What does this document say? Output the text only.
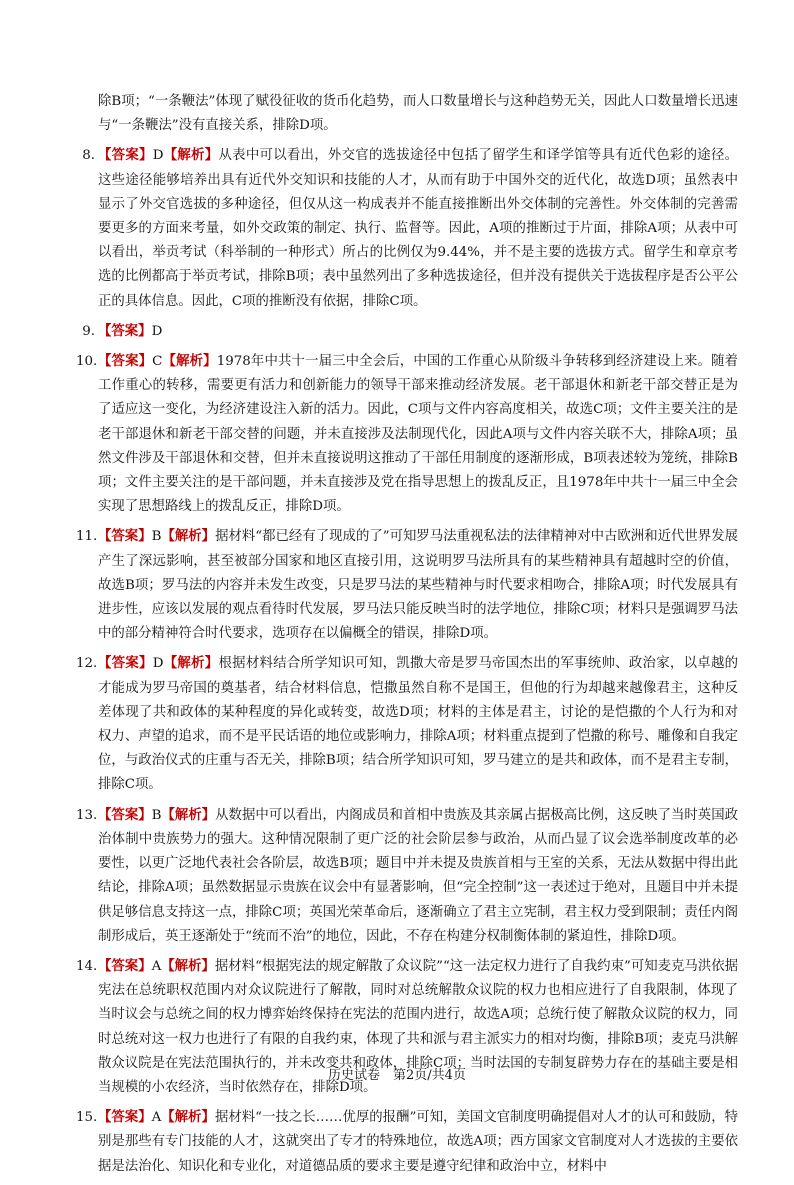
除B项；“一条鞭法”体现了赋役征收的货币化趋势，而人口数量增长与这种趋势无关，因此人口数量增长迅速与“一条鞭法”没有直接关系，排除D项。
8. 【答案】D【解析】从表中可以看出，外交官的选拔途径中包括了留学生和译学馆等具有近代色彩的途径。这些途径能够培养出具有近代外交知识和技能的人才，从而有助于中国外交的近代化，故选D项；虽然表中显示了外交官选拔的多种途径，但仅从这一构成表并不能直接推断出外交体制的完善性。外交体制的完善需要更多的方面来考量，如外交政策的制定、执行、监督等。因此，A项的推断过于片面，排除A项；从表中可以看出，举贡考试（科举制的一种形式）所占的比例仅为9.44%，并不是主要的选拔方式。留学生和章京考选的比例都高于举贡考试，排除B项；表中虽然列出了多种选拔途径，但并没有提供关于选拔程序是否公平公正的具体信息。因此，C项的推断没有依据，排除C项。
9. 【答案】D
10. 【答案】C【解析】1978年中共十一届三中全会后，中国的工作重心从阶级斗争转移到经济建设上来。随着工作重心的转移，需要更有活力和创新能力的领导干部来推动经济发展。老干部退休和新老干部交替正是为了适应这一变化，为经济建设注入新的活力。因此，C项与文件内容高度相关，故选C项；文件主要关注的是老干部退休和新老干部交替的问题，并未直接涉及法制现代化，因此A项与文件内容关联不大，排除A项；虽然文件涉及干部退休和交替，但并未直接说明这推动了干部任用制度的逐渐形成，B项表述较为笼统，排除B项；文件主要关注的是干部问题，并未直接涉及党在指导思想上的拨乱反正，且1978年中共十一届三中全会实现了思想路线上的拨乱反正，排除D项。
11. 【答案】B【解析】据材料“都已经有了现成的了”可知罗马法重视私法的法律精神对中古欧洲和近代世界发展产生了深远影响，甚至被部分国家和地区直接引用，这说明罗马法所具有的某些精神具有超越时空的价值，故选B项；罗马法的内容并未发生改变，只是罗马法的某些精神与时代要求相吻合，排除A项；时代发展具有进步性，应该以发展的观点看待时代发展，罗马法只能反映当时的法学地位，排除C项；材料只是强调罗马法中的部分精神符合时代要求，选项存在以偏概全的错误，排除D项。
12. 【答案】D【解析】根据材料结合所学知识可知，凯撒大帝是罗马帝国杰出的军事统帅、政治家，以卓越的才能成为罗马帝国的奠基者，结合材料信息，恺撒虽然自称不是国王，但他的行为却越来越像君主，这种反差体现了共和政体的某种程度的异化或转变，故选D项；材料的主体是君主，讨论的是恺撒的个人行为和对权力、声望的追求，而不是平民话语的地位或影响力，排除A项；材料重点提到了恺撒的称号、雕像和自我定位，与政治仪式的庄重与否无关，排除B项；结合所学知识可知，罗马建立的是共和政体，而不是君主专制，排除C项。
13. 【答案】B【解析】从数据中可以看出，内阁成员和首相中贵族及其亲属占据极高比例，这反映了当时英国政治体制中贵族势力的强大。这种情况限制了更广泛的社会阶层参与政治，从而凸显了议会选举制度改革的必要性，以更广泛地代表社会各阶层，故选B项；题目中并未提及贵族首相与王室的关系，无法从数据中得出此结论，排除A项；虽然数据显示贵族在议会中有显著影响，但“完全控制”这一表述过于绝对，且题目中并未提供足够信息支持这一点，排除C项；英国光荣革命后，逐渐确立了君主立宪制，君主权力受到限制；责任内阁制形成后，英王逐渐处于“统而不治”的地位，因此，不存在构建分权制衡体制的紧迫性，排除D项。
14. 【答案】A【解析】据材料“根据宪法的规定解散了众议院”“这一法定权力进行了自我约束”可知麦克马洪依据宪法在总统职权范围内对众议院进行了解散，同时对总统解散众议院的权力也相应进行了自我限制，体现了当时议会与总统之间的权力博弈始终保持在宪法的范围内进行，故选A项；总统行使了解散众议院的权力，同时总统对这一权力也进行了有限的自我约束，体现了共和派与君主派实力的相对均衡，排除B项；麦克马洪解散众议院是在宪法范围执行的，并未改变共和政体，排除C项；当时法国的专制复辟势力存在的基础主要是相当规模的小农经济，当时依然存在，排除D项。
15. 【答案】A【解析】据材料“一技之长……优厚的报酬”可知，美国文官制度明确提倡对人才的认可和鼓励，特别是那些有专门技能的人才，这就突出了专才的特殊地位，故选A项；西方国家文官制度对人才选拔的主要依据是法治化、知识化和专业化，对道德品质的要求主要是遵守纪律和政治中立，材料中
历史试卷　第2页/共4页
